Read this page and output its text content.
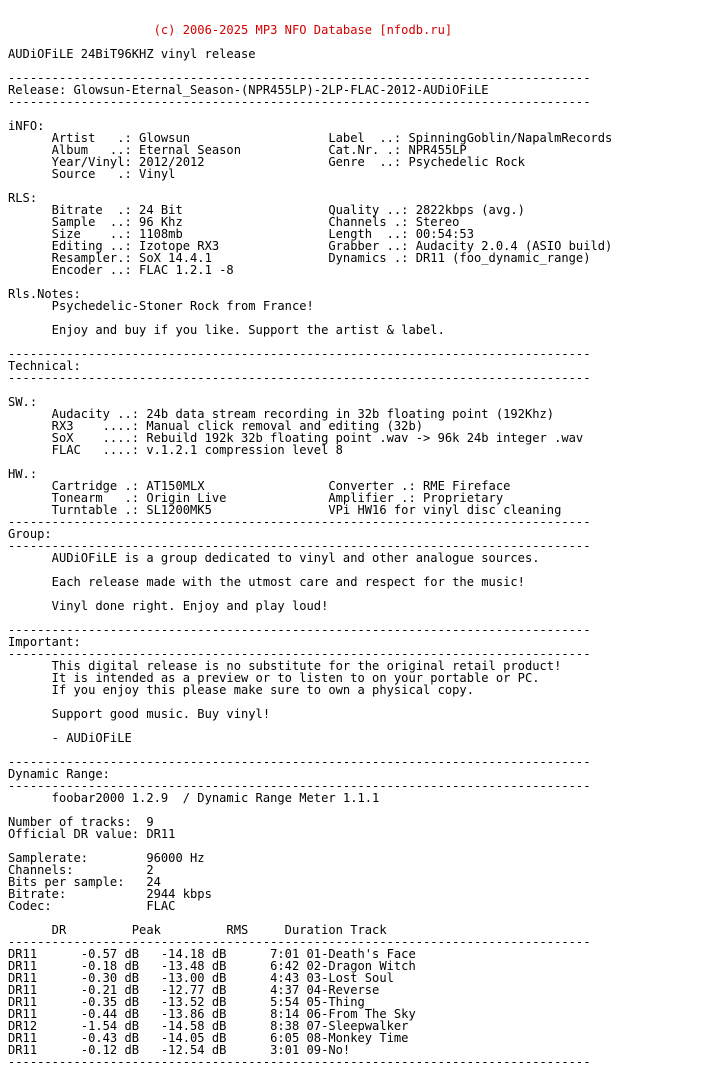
(c) 2006-2025 MP3 NFO Database [nfodb.ru]

AUDiOFiLE 24BiT96KHZ vinyl release
--------------------------------------------------------------------------------
Release: Glowsun-Eternal_Season-(NPR455LP)-2LP-FLAC-2012-AUDiOFiLE
--------------------------------------------------------------------------------
iNFO:
Artist   .: Glowsun                   Label  ..: SpinningGoblin/NapalmRecords
Album   ..: Eternal Season            Cat.Nr. .: NPR455LP
Year/Vinyl: 2012/2012                 Genre  ..: Psychedelic Rock
Source   .: Vinyl
RLS:
Bitrate  .: 24 Bit                    Quality ..: 2822kbps (avg.)
Sample  ..: 96 Khz                    Channels .: Stereo
Size    ..: 1108mb                    Length  ..: 00:54:53
Editing ..: Izotope RX3               Grabber ..: Audacity 2.0.4 (ASIO build)
Resampler.: SoX 14.4.1                Dynamics .: DR11 (foo_dynamic_range)
Encoder ..: FLAC 1.2.1 -8
Rls.Notes:
Psychedelic-Stoner Rock from France!
Enjoy and buy if you like. Support the artist & label.
--------------------------------------------------------------------------------
Technical:
--------------------------------------------------------------------------------
SW.:
Audacity ..: 24b data stream recording in 32b floating point (192Khz)
RX3    ....: Manual click removal and editing (32b)
SoX    ....: Rebuild 192k 32b floating point .wav -> 96k 24b integer .wav
FLAC   ....: v.1.2.1 compression level 8
HW.:
Cartridge .: AT150MLX                 Converter .: RME Fireface
Tonearm   .: Origin Live              Amplifier .: Proprietary
Turntable .: SL1200MK5                VPi HW16 for vinyl disc cleaning
--------------------------------------------------------------------------------
Group:
--------------------------------------------------------------------------------
AUDiOFiLE is a group dedicated to vinyl and other analogue sources.
Each release made with the utmost care and respect for the music!
Vinyl done right. Enjoy and play loud!
--------------------------------------------------------------------------------
Important:
--------------------------------------------------------------------------------
This digital release is no substitute for the original retail product!
It is intended as a preview or to listen to on your portable or PC.
If you enjoy this please make sure to own a physical copy.
Support good music. Buy vinyl!
- AUDiOFiLE
--------------------------------------------------------------------------------
Dynamic Range:
--------------------------------------------------------------------------------
foobar2000 1.2.9  / Dynamic Range Meter 1.1.1
Number of tracks:  9
Official DR value: DR11
Samplerate:        96000 Hz
Channels:          2
Bits per sample:   24
Bitrate:           2944 kbps
Codec:             FLAC
DR         Peak         RMS     Duration Track
--------------------------------------------------------------------------------
DR11      -0.57 dB   -14.18 dB      7:01 01-Death's Face
DR11      -0.18 dB   -13.48 dB      6:42 02-Dragon Witch
DR11      -0.30 dB   -13.00 dB      4:43 03-Lost Soul
DR11      -0.21 dB   -12.77 dB      4:37 04-Reverse
DR11      -0.35 dB   -13.52 dB      5:54 05-Thing
DR11      -0.44 dB   -13.86 dB      8:14 06-From The Sky
DR12      -1.54 dB   -14.58 dB      8:38 07-Sleepwalker
DR11      -0.43 dB   -14.05 dB      6:05 08-Monkey Time
DR11      -0.12 dB   -12.54 dB      3:01 09-No!
--------------------------------------------------------------------------------
